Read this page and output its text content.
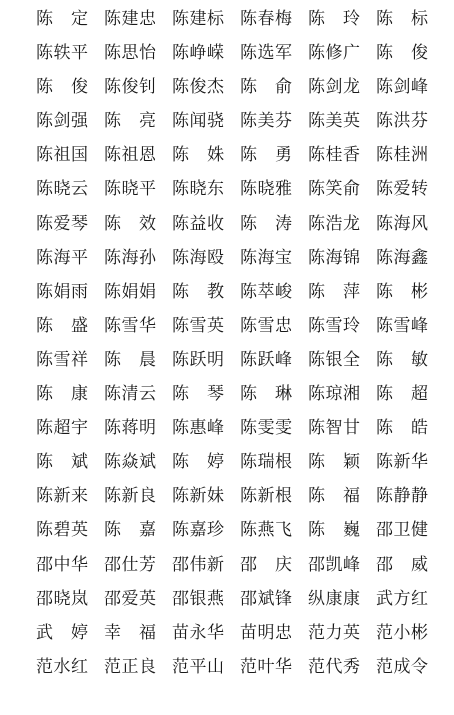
陈　定 陈建忠 陈建标 陈春梅 陈　玲 陈　标
陈轶平 陈思怡 陈峥嵘 陈选军 陈修广 陈　俊
陈　俊 陈俊钊 陈俊杰 陈　俞 陈剑龙 陈剑峰
陈剑强 陈　亮 陈闻骁 陈美芬 陈美英 陈洪芬
陈祖国 陈祖恩 陈　姝 陈　勇 陈桂香 陈桂洲
陈晓云 陈晓平 陈晓东 陈晓雅 陈笑俞 陈爱转
陈爱琴 陈　效 陈益收 陈　涛 陈浩龙 陈海风
陈海平 陈海孙 陈海殴 陈海宝 陈海锦 陈海鑫
陈娟雨 陈娟娟 陈　教 陈萃峻 陈　萍 陈　彬
陈　盛 陈雪华 陈雪英 陈雪忠 陈雪玲 陈雪峰
陈雪祥 陈　晨 陈跃明 陈跃峰 陈银全 陈　敏
陈　康 陈清云 陈　琴 陈　琳 陈琼湘 陈　超
陈超宇 陈蒋明 陈惠峰 陈雯雯 陈智甘 陈　皓
陈　斌 陈焱斌 陈　婷 陈瑞根 陈　颖 陈新华
陈新来 陈新良 陈新妹 陈新根 陈　福 陈静静
陈碧英 陈　嘉 陈嘉珍 陈燕飞 陈　巍 邵卫健
邵中华 邵仕芳 邵伟新 邵　庆 邵凯峰 邵　威
邵晓岚 邵爱英 邵银燕 邵斌锋 纵康康 武方红
武　婷 幸　福 苗永华 苗明忠 范力英 范小彬
范水红 范正良 范平山 范叶华 范代秀 范成令
